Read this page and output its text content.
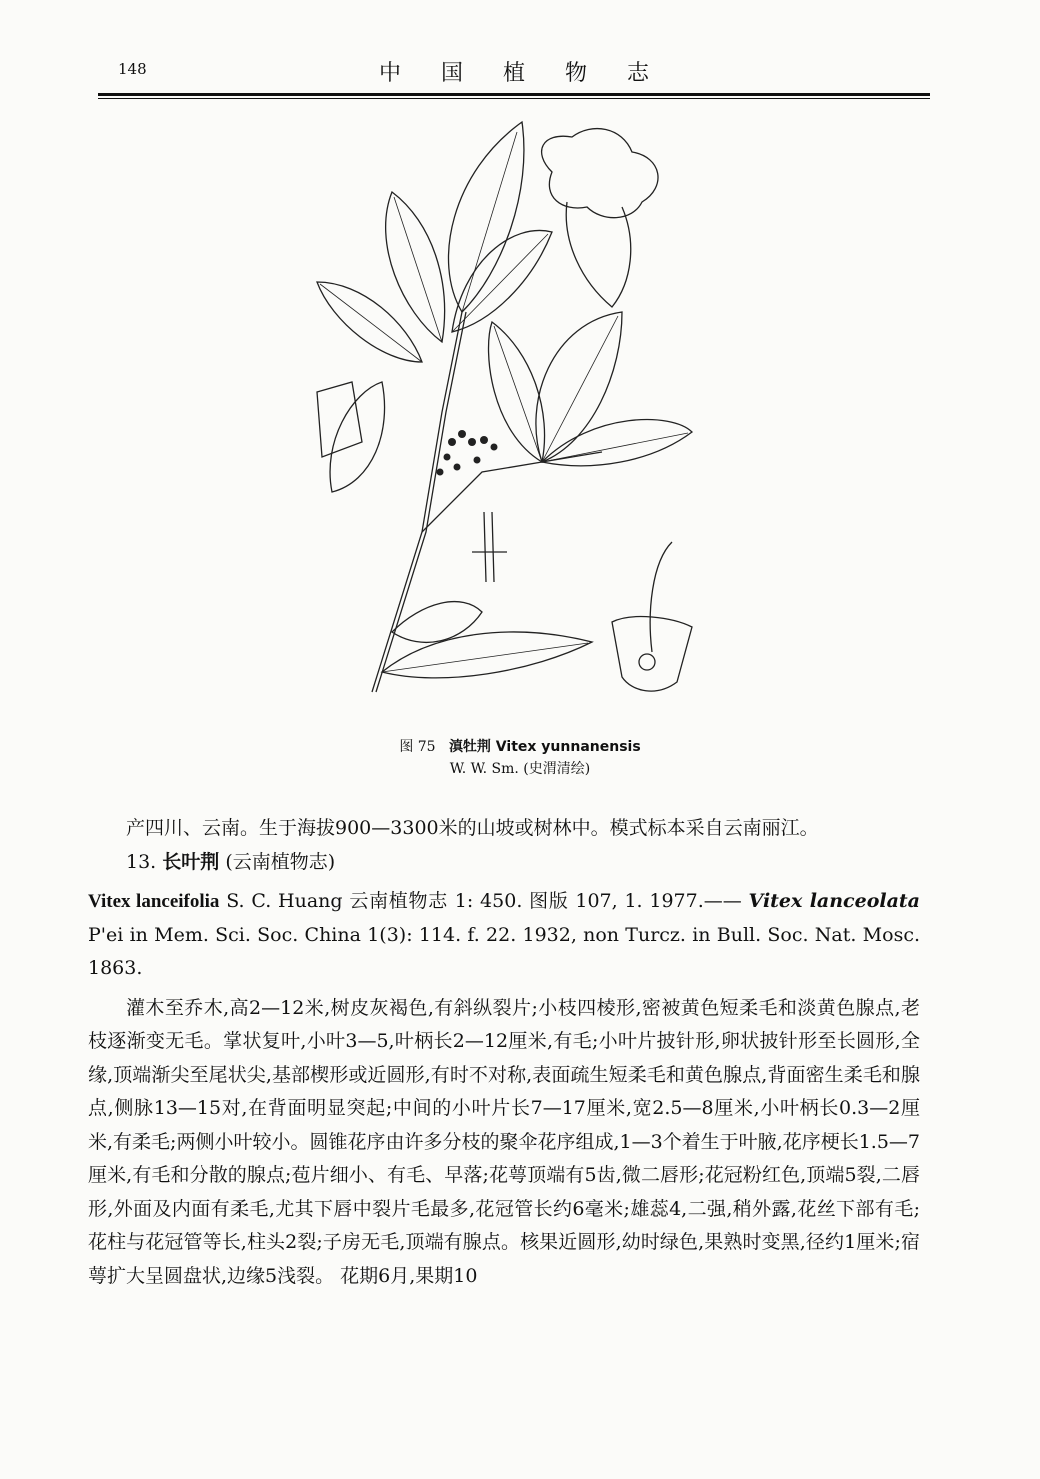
148	中国植物志
图 75 滇牡荆 Vitex yunnanensis
W. W. Sm. (史渭清绘)

产四川、云南。生于海拔900—3300米的山坡或树林中。模式标本采自云南丽江。

13. 长叶荆 (云南植物志)

Vitex lanceifolia S. C. Huang 云南植物志 1: 450. 图版 107, 1. 1977.—— Vitex lanceolata P'ei in Mem. Sci. Soc. China 1(3): 114. f. 22. 1932, non Turcz. in Bull. Soc. Nat. Mosc. 1863.

灌木至乔木,高2—12米,树皮灰褐色,有斜纵裂片;小枝四棱形,密被黄色短柔毛和淡黄色腺点,老枝逐渐变无毛。掌状复叶,小叶3—5,叶柄长2—12厘米,有毛;小叶片披针形,卵状披针形至长圆形,全缘,顶端渐尖至尾状尖,基部楔形或近圆形,有时不对称,表面疏生短柔毛和黄色腺点,背面密生柔毛和腺点,侧脉13—15对,在背面明显突起;中间的小叶片长7—17厘米,宽2.5—8厘米,小叶柄长0.3—2厘米,有柔毛;两侧小叶较小。圆锥花序由许多分枝的聚伞花序组成,1—3个着生于叶腋,花序梗长1.5—7厘米,有毛和分散的腺点;苞片细小、有毛、早落;花萼顶端有5齿,微二唇形;花冠粉红色,顶端5裂,二唇形,外面及内面有柔毛,尤其下唇中裂片毛最多,花冠管长约6毫米;雄蕊4,二强,稍外露,花丝下部有毛;花柱与花冠管等长,柱头2裂;子房无毛,顶端有腺点。核果近圆形,幼时绿色,果熟时变黑,径约1厘米;宿萼扩大呈圆盘状,边缘5浅裂。 花期6月,果期10
